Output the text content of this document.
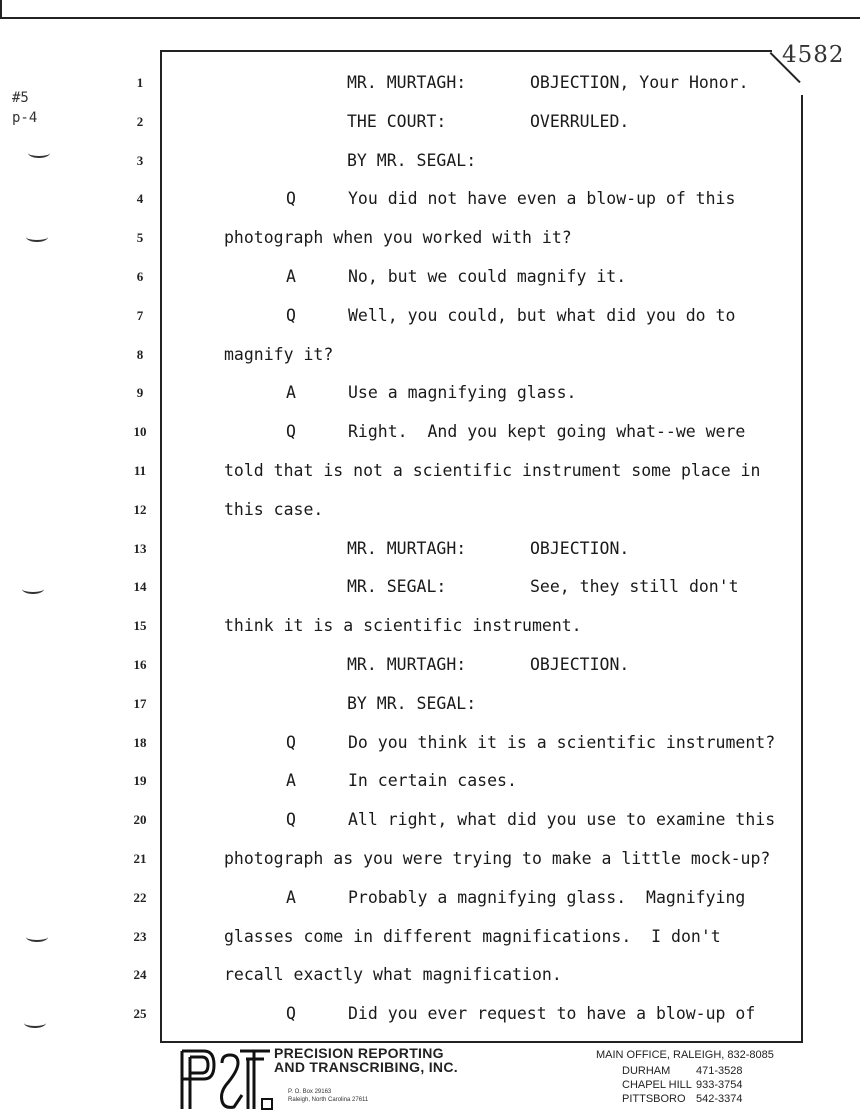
#5
p-4
4582
1
2
3
4
5
6
7
8
9
10
11
12
13
14
15
16
17
18
19
20
21
22
23
24
25
MR. MURTAGH:	OBJECTION, Your Honor.
THE COURT:	OVERRULED.
BY MR. SEGAL:
Q	You did not have even a blow-up of this
photograph when you worked with it?
A	No, but we could magnify it.
Q	Well, you could, but what did you do to
magnify it?
A	Use a magnifying glass.
Q	Right.  And you kept going what--we were
told that is not a scientific instrument some place in
this case.
MR. MURTAGH:	OBJECTION.
MR. SEGAL:	See, they still don't
think it is a scientific instrument.
MR. MURTAGH:	OBJECTION.
BY MR. SEGAL:
Q	Do you think it is a scientific instrument?
A	In certain cases.
Q	All right, what did you use to examine this
photograph as you were trying to make a little mock-up?
A	Probably a magnifying glass.  Magnifying
glasses come in different magnifications.  I don't
recall exactly what magnification.
Q	Did you ever request to have a blow-up of
PRECISION REPORTING
AND TRANSCRIBING, INC.
P. O. Box 29163
Raleigh, North Carolina 27611
MAIN OFFICE, RALEIGH, 832-8085
DURHAM 471-3528
CHAPEL HILL 933-3754
PITTSBORO 542-3374
